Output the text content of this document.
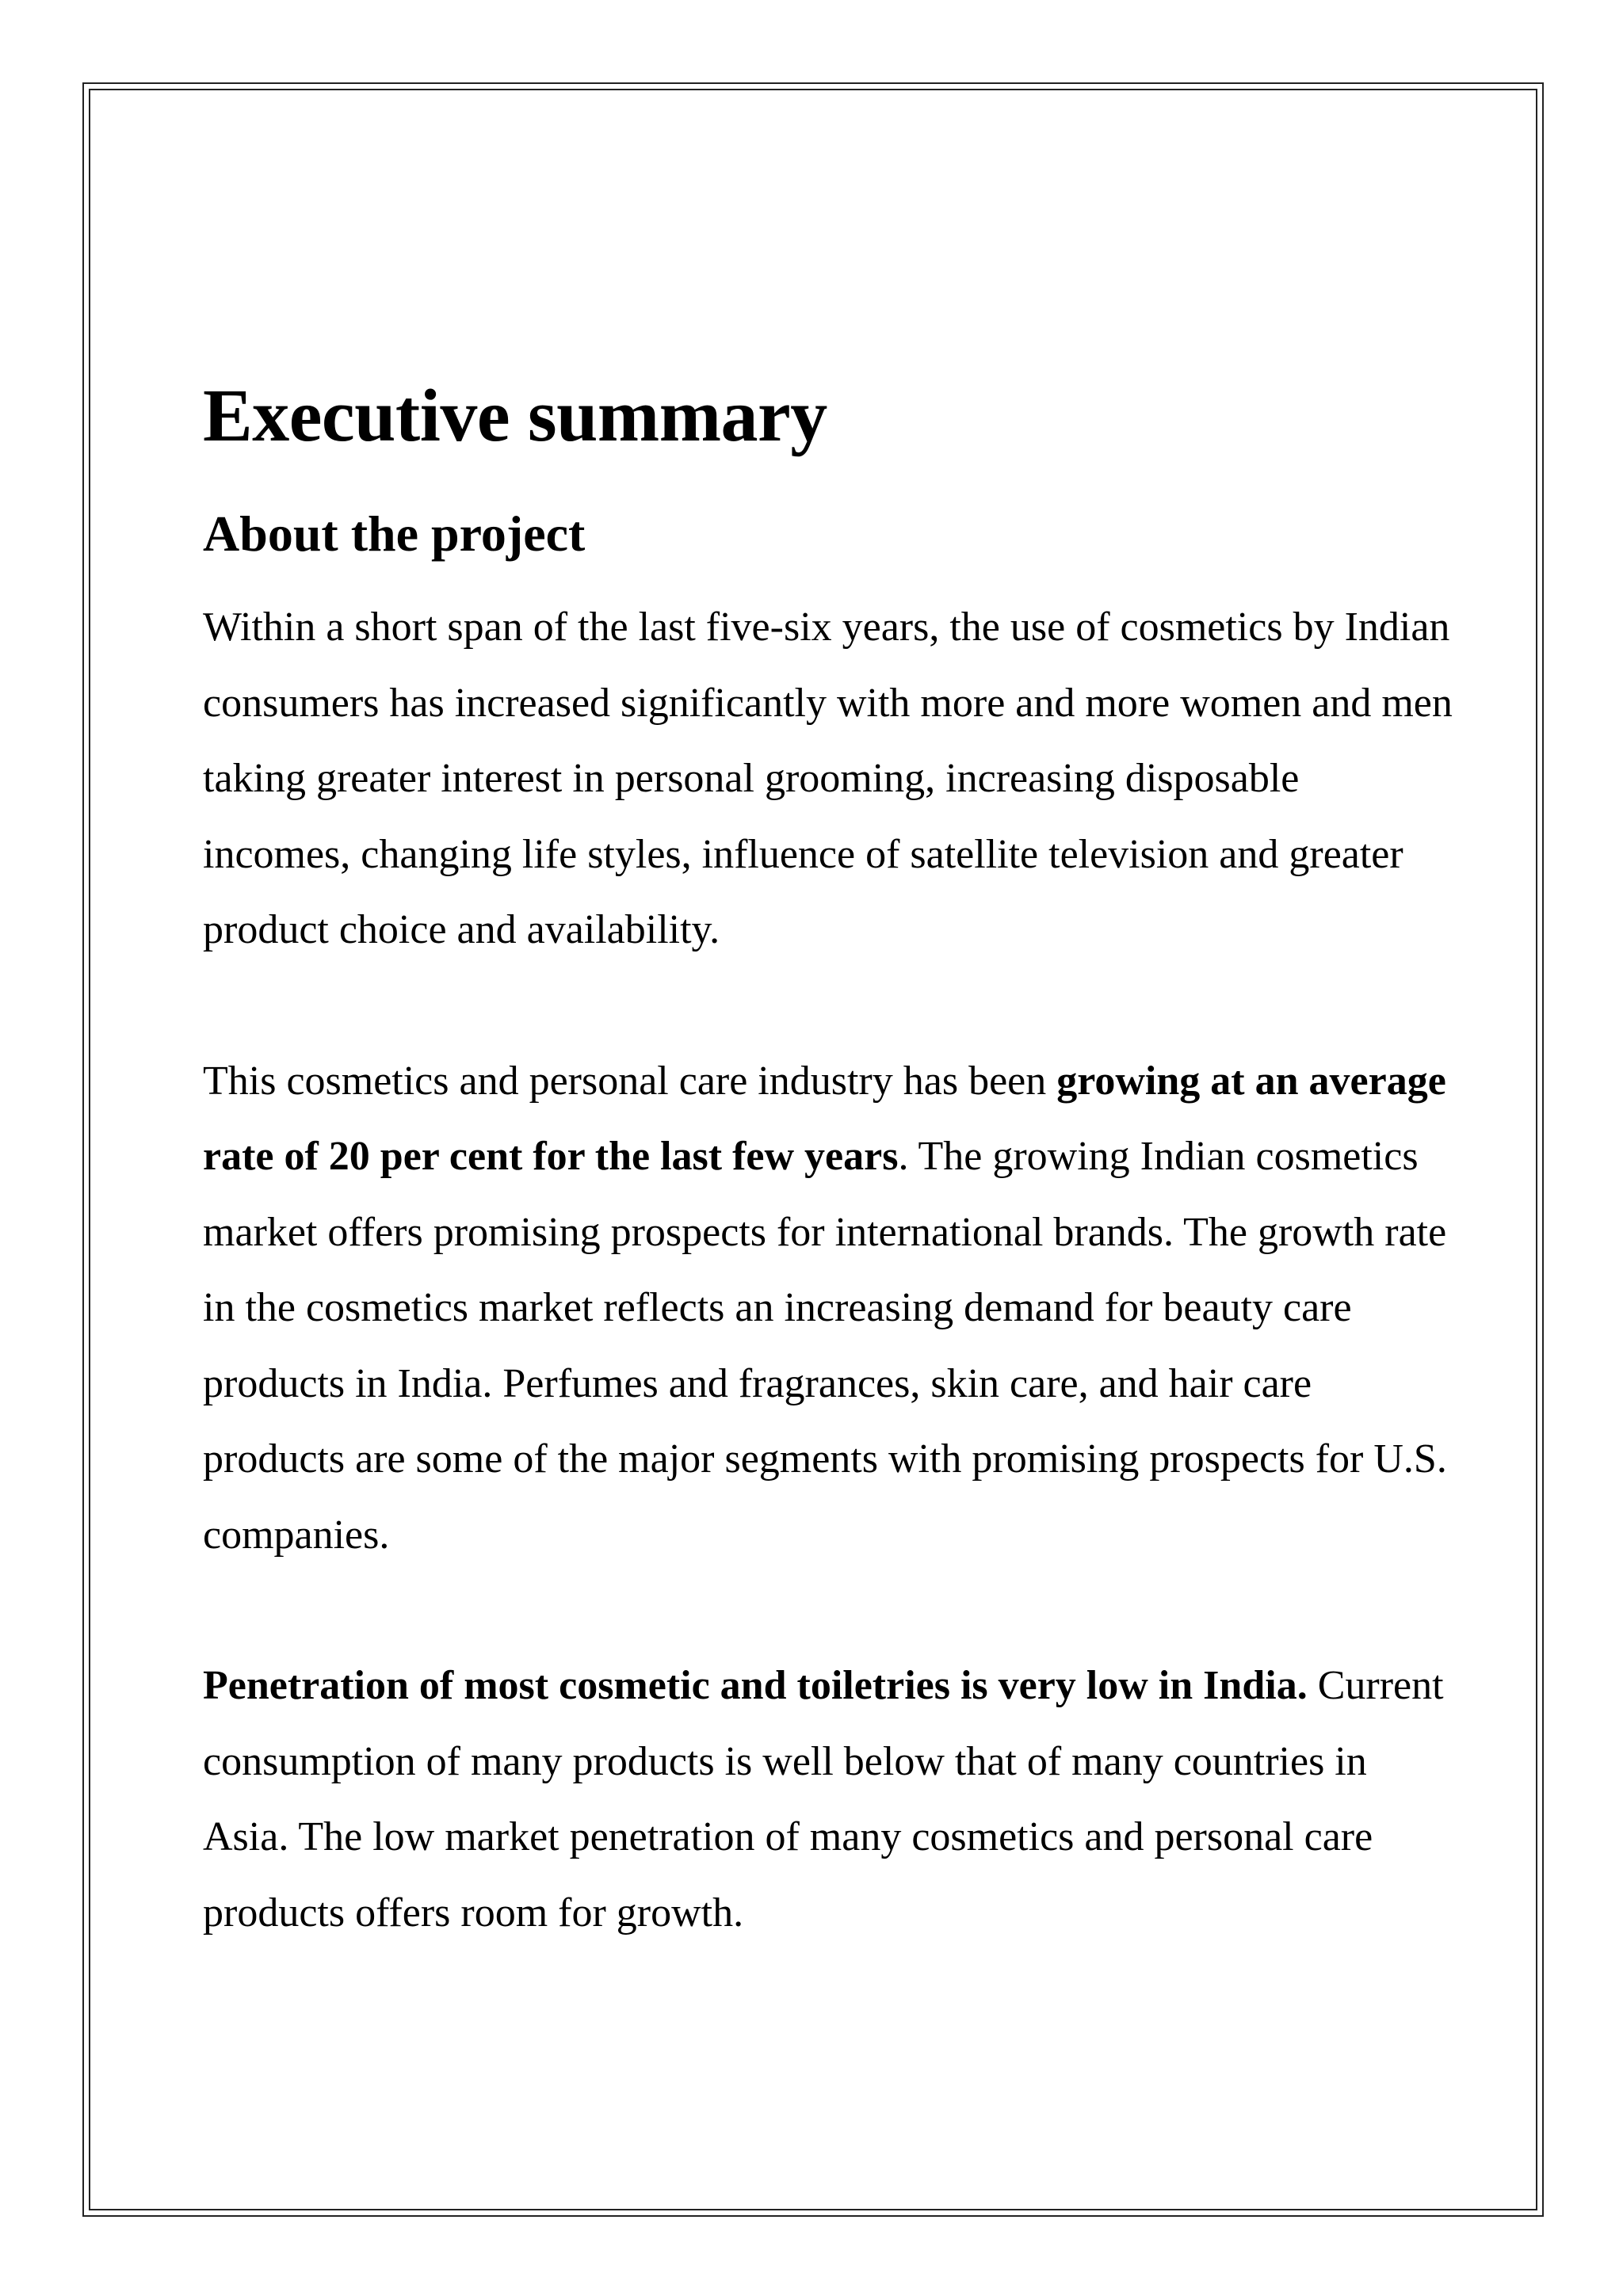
Executive summary
About the project

Within a short span of the last five-six years, the use of cosmetics by Indian consumers has increased significantly with more and more women and men taking greater interest in personal grooming, increasing disposable incomes, changing life styles, influence of satellite television and greater product choice and availability.

This cosmetics and personal care industry has been growing at an average rate of 20 per cent for the last few years. The growing Indian cosmetics market offers promising prospects for international brands. The growth rate in the cosmetics market reflects an increasing demand for beauty care products in India. Perfumes and fragrances, skin care, and hair care products are some of the major segments with promising prospects for U.S. companies.

Penetration of most cosmetic and toiletries is very low in India. Current consumption of many products is well below that of many countries in Asia. The low market penetration of many cosmetics and personal care products offers room for growth.
